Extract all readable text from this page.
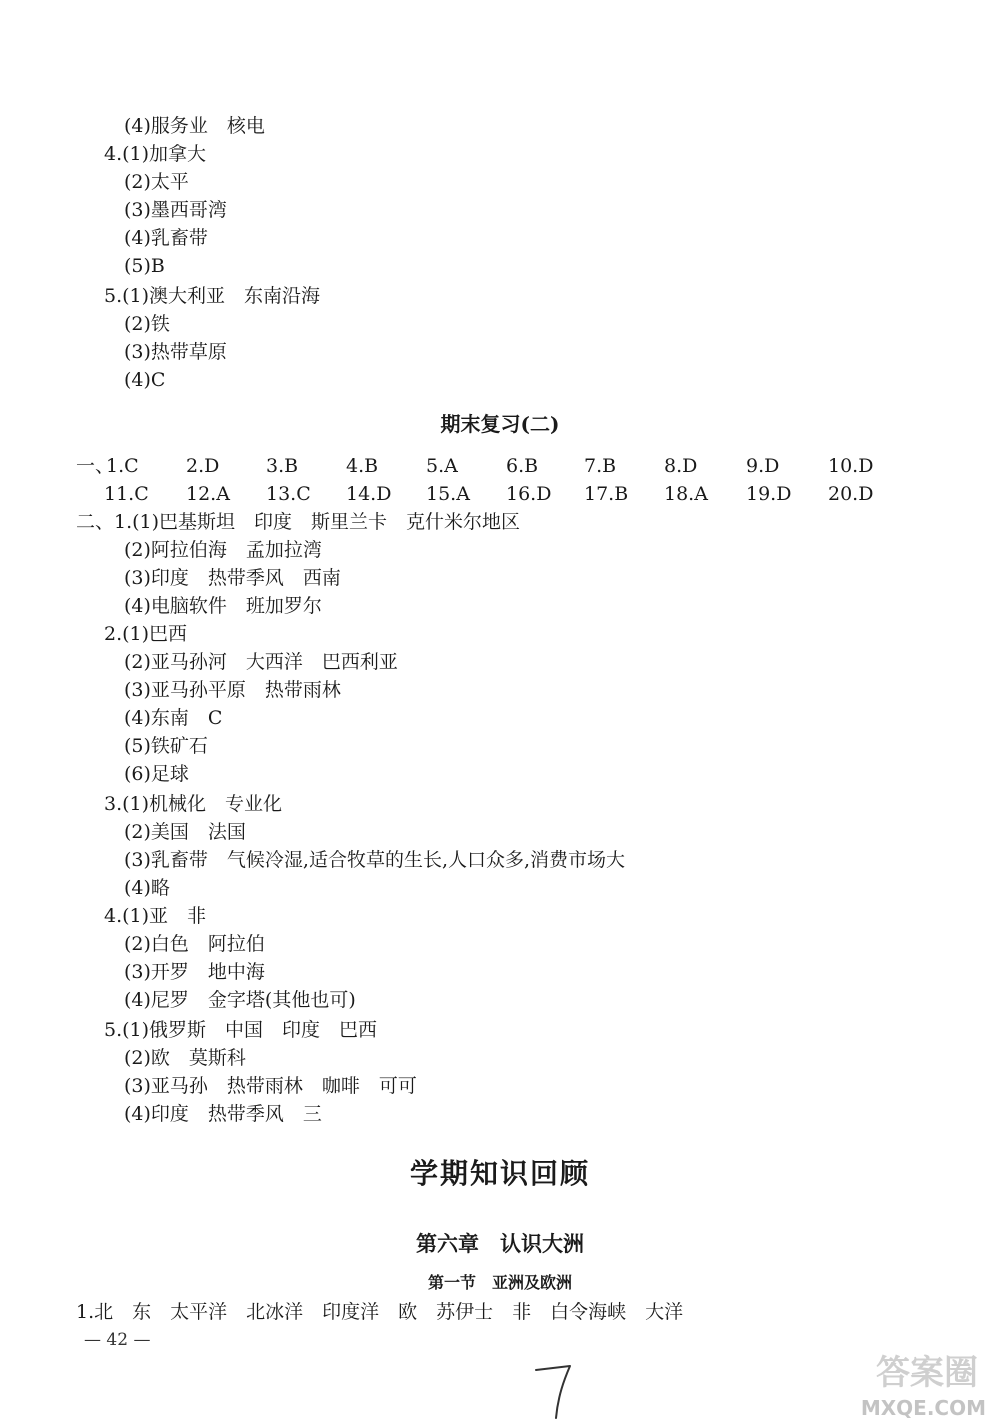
(4)服务业　核电
4.(1)加拿大
(2)太平
(3)墨西哥湾
(4)乳畜带
(5)B
5.(1)澳大利亚　东南沿海
(2)铁
(3)热带草原
(4)C
期末复习(二)
一、
1.C 2.D 3.B	4.B	5.A	6.B 7.B	8.D	9.D	10.D
11.C 12.A 13.C 14.D 15.A 16.D 17.B 18.A 19.D 20.D
二、1.(1)巴基斯坦　印度　斯里兰卡　克什米尔地区
(2)阿拉伯海　孟加拉湾
(3)印度　热带季风　西南
(4)电脑软件　班加罗尔
2.(1)巴西
(2)亚马孙河　大西洋　巴西利亚
(3)亚马孙平原　热带雨林
(4)东南　C
(5)铁矿石
(6)足球
3.(1)机械化　专业化
(2)美国　法国
(3)乳畜带　气候冷湿,适合牧草的生长,人口众多,消费市场大
(4)略
4.(1)亚　非
(2)白色　阿拉伯
(3)开罗　地中海
(4)尼罗　金字塔(其他也可)
5.(1)俄罗斯　中国　印度　巴西
(2)欧　莫斯科
(3)亚马孙　热带雨林　咖啡　可可
(4)印度　热带季风　三
学期知识回顾
第六章　认识大洲
第一节　亚洲及欧洲
1.北　东　太平洋　北冰洋　印度洋　欧　苏伊士　非　白令海峡　大洋
— 42 —
答案圈
MXQE.COM
